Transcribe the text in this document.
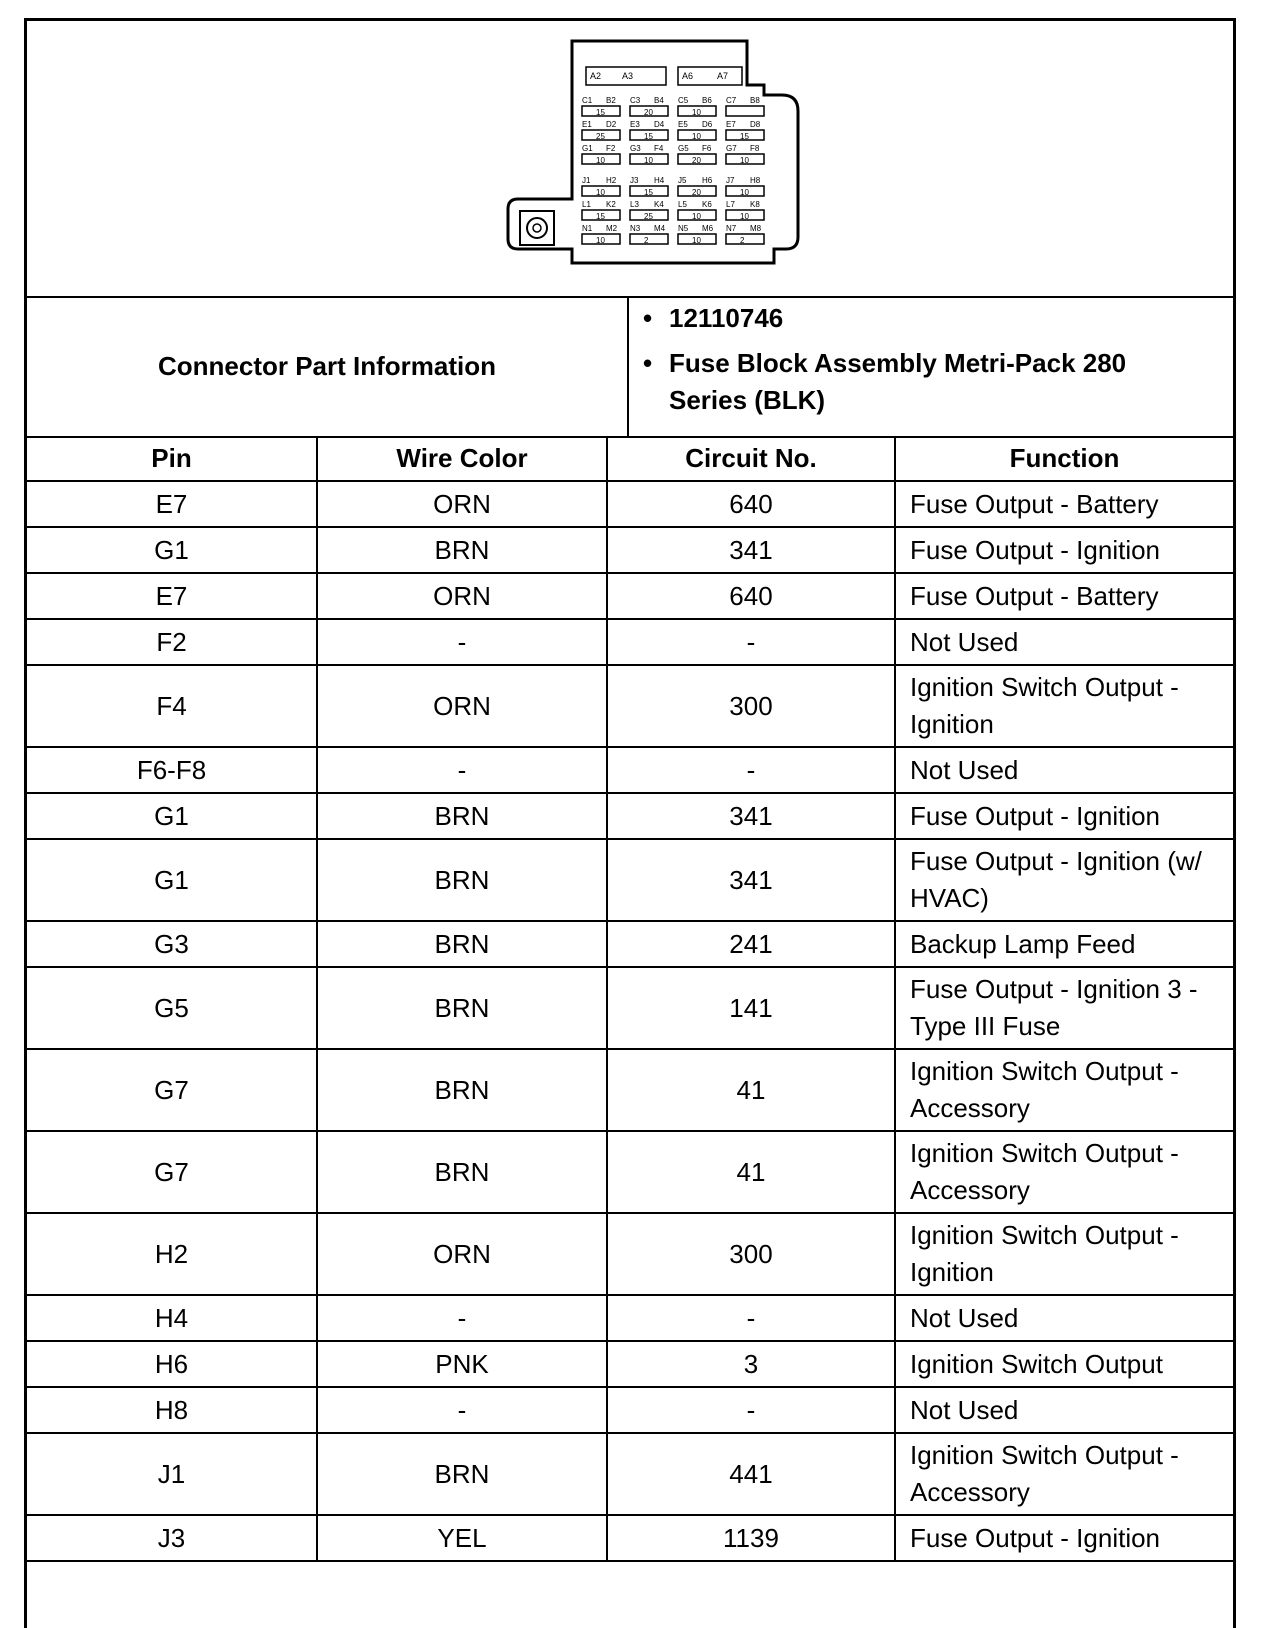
A2 A3	A6	A7
C1 B2
15
C3 B4
20
C5 B6
10
C7 B8
E1 D2
25
E3 D4
15
E5 D6
10
E7 D8
15
G1 F2
10
G3 F4
10
G5 F6
20
G7 F8
10
J1 H2
10
J3 H4
15
J5 H6
20
J7 H8
10
L1 K2
15
L3 K4
25
L5 K6
10
L7 K8
10
N1 M2
10
N3 M4
2
N5 M6
10
N7 M8
2
Connector Part Information
• 12110746
• Fuse Block Assembly Metri-Pack 280 Series (BLK)
Pin	Wire Color	Circuit No.	Function
E7	ORN	640	Fuse Output - Battery
G1	BRN	341	Fuse Output - Ignition
E7	ORN	640	Fuse Output - Battery
F2	-	-	Not Used
F4	ORN	300	Ignition Switch Output - Ignition
F6-F8	-	-	Not Used
G1	BRN	341	Fuse Output - Ignition
G1	BRN	341	Fuse Output - Ignition (w/ HVAC)
G3	BRN	241	Backup Lamp Feed
G5	BRN	141	Fuse Output - Ignition 3 - Type III Fuse
G7	BRN	41	Ignition Switch Output - Accessory
G7	BRN	41	Ignition Switch Output - Accessory
H2	ORN	300	Ignition Switch Output - Ignition
H4	-	-	Not Used
H6	PNK	3	Ignition Switch Output
H8	-	-	Not Used
J1	BRN	441	Ignition Switch Output - Accessory
J3	YEL	1139	Fuse Output - Ignition
